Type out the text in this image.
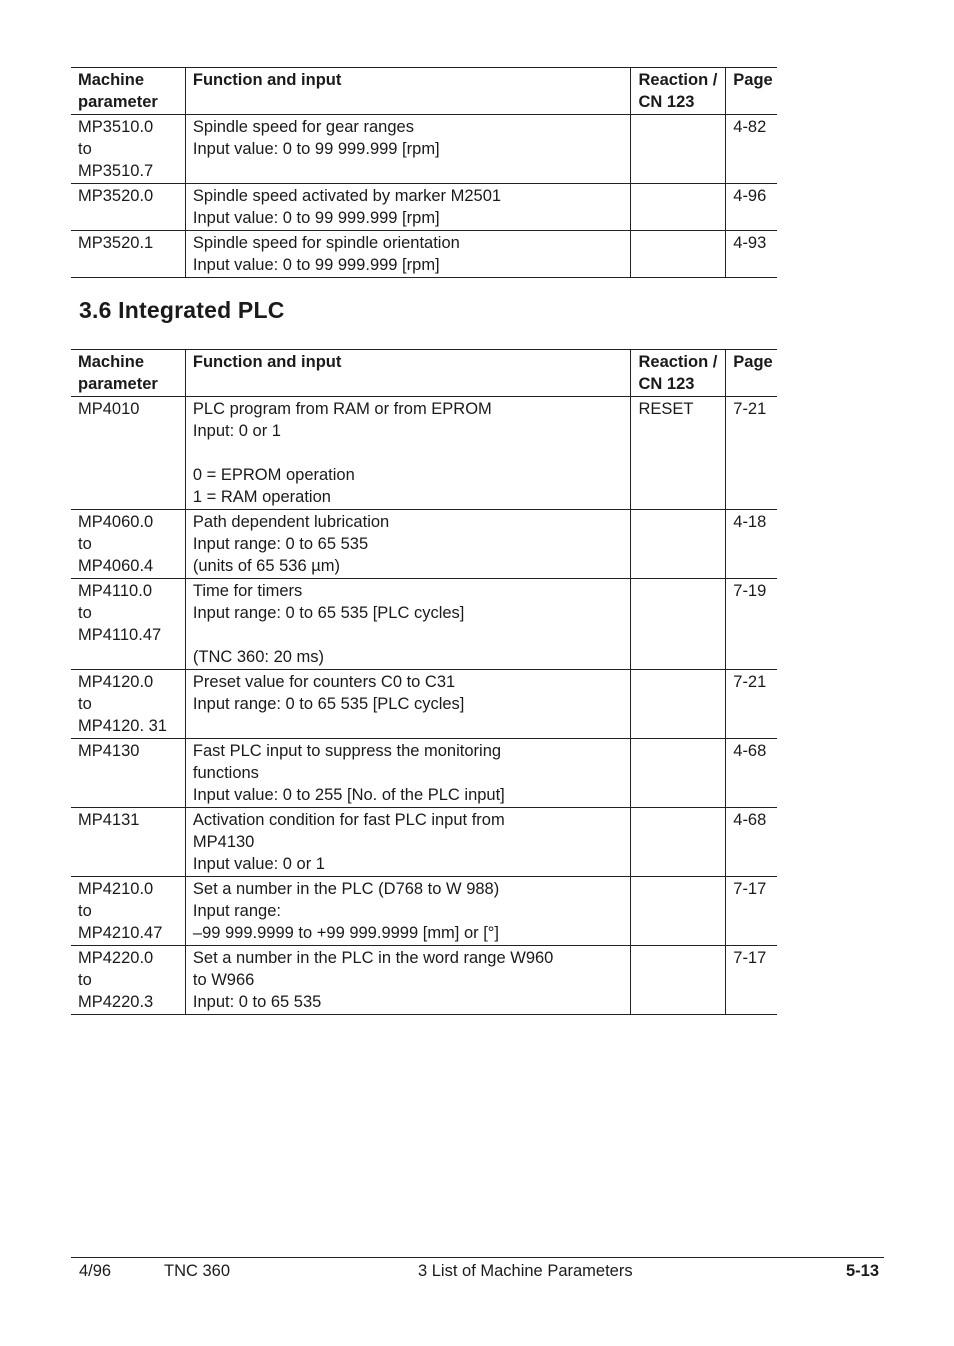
Machine parameter	Function and input	Reaction / CN 123	Page

MP3510.0
to
MP3510.7	Spindle speed for gear ranges
Input value: 0 to 99 999.999 [rpm]		4-82

MP3520.0	Spindle speed activated by marker M2501
Input value: 0 to 99 999.999 [rpm]		4-96

MP3520.1	Spindle speed for spindle orientation
Input value: 0 to 99 999.999 [rpm]		4-93
3.6 Integrated PLC
Machine parameter	Function and input	Reaction / CN 123	Page

MP4010	PLC program from RAM or from EPROM
Input: 0 or 1
0 = EPROM operation
1 = RAM operation	RESET	7-21

MP4060.0
to
MP4060.4	Path dependent lubrication
Input range: 0 to 65 535
(units of 65 536 µm)		4-18

MP4110.0
to
MP4110.47	Time for timers
Input range: 0 to 65 535 [PLC cycles]
(TNC 360: 20 ms)		7-19

MP4120.0
to
MP4120. 31	Preset value for counters C0 to C31
Input range: 0 to 65 535 [PLC cycles]		7-21

MP4130	Fast PLC input to suppress the monitoring
functions
Input value: 0 to 255 [No. of the PLC input]		4-68

MP4131	Activation condition for fast PLC input from
MP4130
Input value: 0 or 1		4-68

MP4210.0
to
MP4210.47	Set a number in the PLC (D768 to W 988)
Input range:
–99 999.9999 to +99 999.9999 [mm] or [°]		7-17

MP4220.0
to
MP4220.3	Set a number in the PLC in the word range W960
to W966
Input: 0 to 65 535		7-17
4/96	TNC 360	3 List of Machine Parameters	5-13
